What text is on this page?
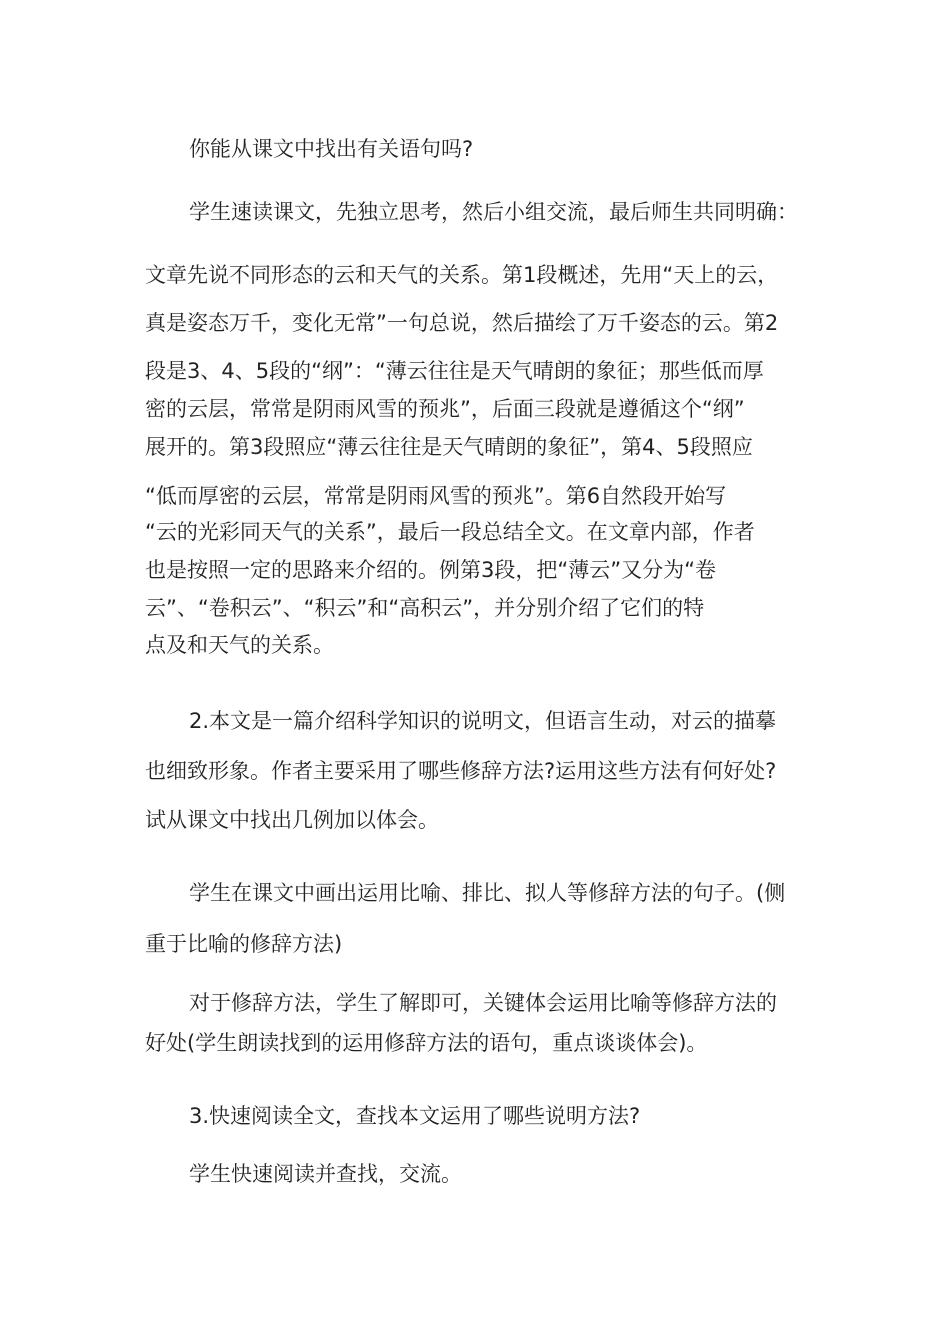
你能从课文中找出有关语句吗?
学生速读课文，先独立思考，然后小组交流，最后师生共同明确：
文章先说不同形态的云和天气的关系。第1段概述，先用“天上的云，
真是姿态万千，变化无常”一句总说，然后描绘了万千姿态的云。第2
段是3、4、5段的“纲”：“薄云往往是天气晴朗的象征；那些低而厚
密的云层，常常是阴雨风雪的预兆”，后面三段就是遵循这个“纲”
展开的。第3段照应“薄云往往是天气晴朗的象征”，第4、5段照应
“低而厚密的云层，常常是阴雨风雪的预兆”。第6自然段开始写
“云的光彩同天气的关系”，最后一段总结全文。在文章内部，作者
也是按照一定的思路来介绍的。例第3段，把“薄云”又分为“卷
云”、“卷积云”、“积云”和“高积云”，并分别介绍了它们的特
点及和天气的关系。
2.本文是一篇介绍科学知识的说明文，但语言生动，对云的描摹
也细致形象。作者主要采用了哪些修辞方法?运用这些方法有何好处?
试从课文中找出几例加以体会。
学生在课文中画出运用比喻、排比、拟人等修辞方法的句子。(侧
重于比喻的修辞方法)
对于修辞方法，学生了解即可，关键体会运用比喻等修辞方法的
好处(学生朗读找到的运用修辞方法的语句，重点谈谈体会)。
3.快速阅读全文，查找本文运用了哪些说明方法?
学生快速阅读并查找，交流。
